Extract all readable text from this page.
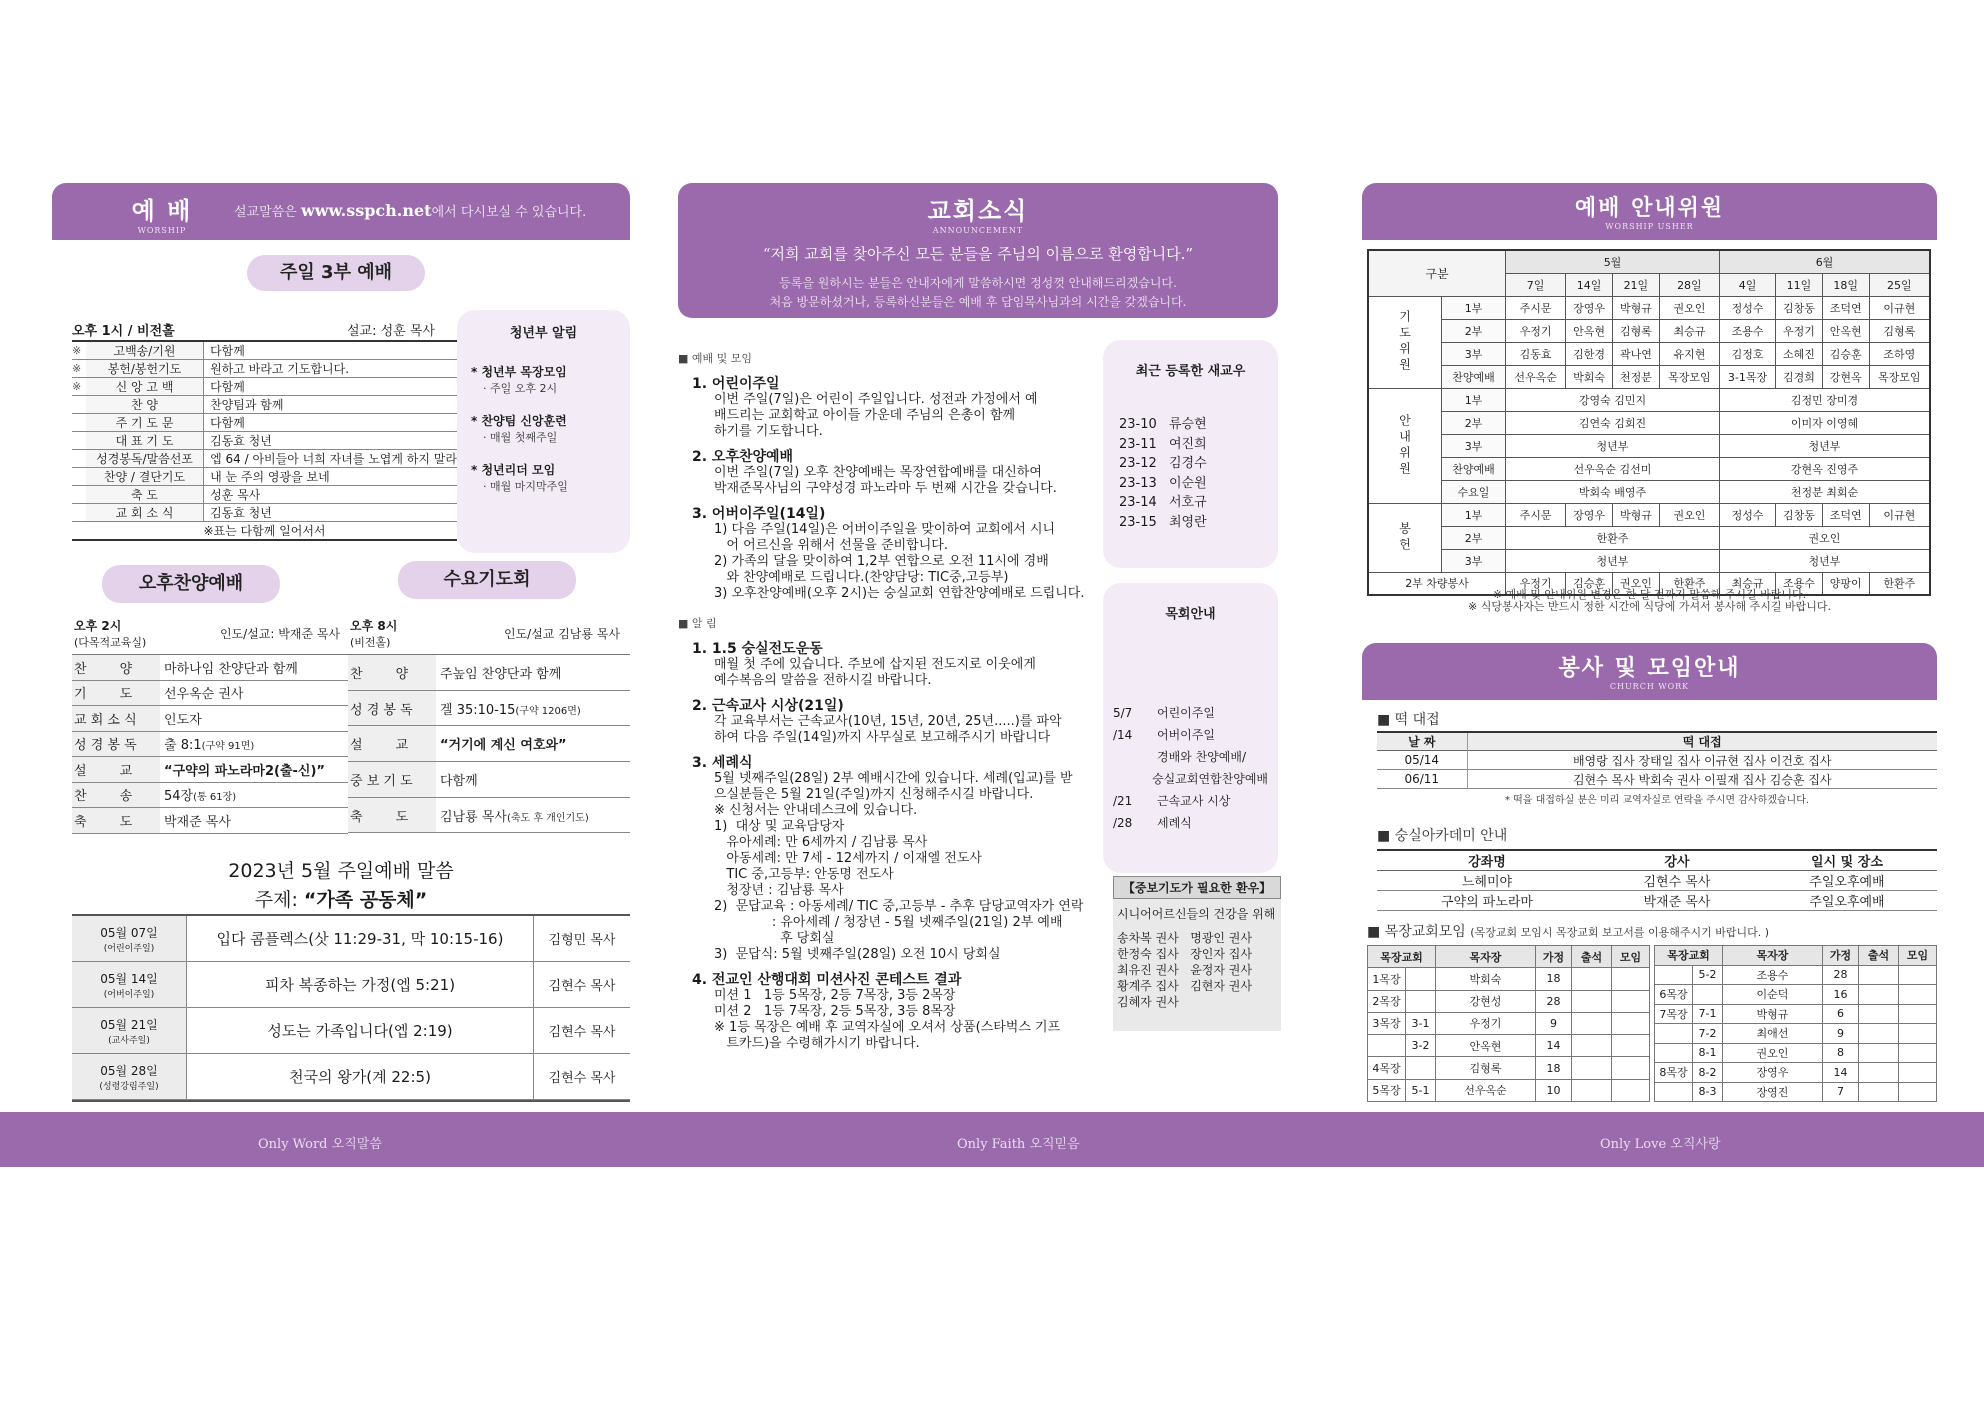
예 배
WORSHIP
설교말씀은 www.sspch.net에서 다시보실 수 있습니다.
주일 3부 예배
오후 1시 / 비전홀	설교: 성훈 목사
※	고백송/기원	다함께
※	봉헌/봉헌기도	원하고 바라고 기도합니다.
※	신 앙 고 백	다함께
	찬 양	찬양팀과 함께
	주 기 도 문	다함께
	대 표 기 도	김동효 청년
	성경봉독/말씀선포	엡 64 / 아비들아 너희 자녀를 노엽게 하지 말라
	찬양 / 결단기도	내 눈 주의 영광을 보네
	축 도	성훈 목사
	교 회 소 식	김동효 청년
※표는 다함께 일어서서
청년부 알림
* 청년부 목장모임
· 주일 오후 2시
* 찬양팀 신앙훈련
· 매월 첫째주일
* 청년리더 모임
· 매월 마지막주일
오후찬양예배	수요기도회
오후 2시
(다목적교육실)
인도/설교: 박재준 목사
찬        양	마하나임 찬양단과 함께
기        도	선우옥순 권사
교 회 소 식	인도자
성 경 봉 독	출 8:1(구약 91면)
설        교	“구약의 파노라마2(출-신)”
찬        송	54장(통 61장)
축        도	박재준 목사
오후 8시
(비전홀)
인도/설교 김남룡 목사
찬        양	주높임 찬양단과 함께
성 경 봉 독	겔 35:10-15(구약 1206면)
설        교	“거기에 계신 여호와”
중 보 기 도	다함께
축        도	김남룡 목사(축도 후 개인기도)
2023년 5월 주일예배 말씀
주제: “가족 공동체”
05월 07일
(어린이주일)
입다 콤플렉스(삿 11:29-31, 막 10:15-16)	김형민 목사
05월 14일
(어버이주일)
피차 복종하는 가정(엡 5:21)	김현수 목사
05월 21일
(교사주일)
성도는 가족입니다(엡 2:19)	김현수 목사
05월 28일
(성령강림주일)
천국의 왕가(계 22:5)	김현수 목사
교회소식
ANNOUNCEMENT
“저희 교회를 찾아주신 모든 분들을 주님의 이름으로 환영합니다.”
등록을 원하시는 분들은 안내자에게 말씀하시면 정성껏 안내해드리겠습니다.
처음 방문하셨거나, 등록하신분들은 예배 후 담임목사님과의 시간을 갖겠습니다.
■ 예배 및 모임
1. 어린이주일
이번 주일(7일)은 어린이 주일입니다. 성전과 가정에서 예
배드리는 교회학교 아이들 가운데 주님의 은총이 함께
하기를 기도합니다.
2. 오후찬양예배
이번 주일(7일) 오후 찬양예배는 목장연합예배를 대신하여
박재준목사님의 구약성경 파노라마 두 번째 시간을 갖습니다.
3. 어버이주일(14일)
1) 다음 주일(14일)은 어버이주일을 맞이하여 교회에서 시니
어 어르신을 위해서 선물을 준비합니다.
2) 가족의 달을 맞이하여 1,2부 연합으로 오전 11시에 경배
와 찬양예배로 드립니다.(찬양담당: TIC중,고등부)
3) 오후찬양예배(오후 2시)는 숭실교회 연합찬양예배로 드립니다.
■ 알 림
1. 1.5 숭실전도운동
매월 첫 주에 있습니다. 주보에 삽지된 전도지로 이웃에게
예수복음의 말씀을 전하시길 바랍니다.
2. 근속교사 시상(21일)
각 교육부서는 근속교사(10년, 15년, 20년, 25년.....)를 파악
하여 다음 주일(14일)까지 사무실로 보고해주시기 바랍니다
3. 세례식
5월 넷째주일(28일) 2부 예배시간에 있습니다. 세례(입교)를 받
으실분들은 5월 21일(주일)까지 신청해주시길 바랍니다.
※ 신청서는 안내데스크에 있습니다.
1)  대상 및 교육담당자
유아세례: 만 6세까지 / 김남룡 목사
아동세례: 만 7세 - 12세까지 / 이재엘 전도사
TIC 중,고등부: 안동명 전도사
청장년 : 김남룡 목사
2)  문답교육 : 아동세례/ TIC 중,고등부 - 추후 담당교역자가 연락
: 유아세례 / 청장년 - 5월 넷째주일(21일) 2부 예배
후 당회실
3)  문답식: 5월 넷째주일(28일) 오전 10시 당회실
4. 전교인 산행대회 미션사진 콘테스트 결과
미션 1   1등 5목장, 2등 7목장, 3등 2목장
미션 2   1등 7목장, 2등 5목장, 3등 8목장
※ 1등 목장은 예배 후 교역자실에 오셔서 상품(스타벅스 기프
트카드)을 수령해가시기 바랍니다.
최근 등록한 새교우
23-10 류승현
23-11 여진희
23-12 김경수
23-13 이순원
23-14 서호규
23-15 최영란
목회안내
5/7	어린이주일
/14	어버이주일
경배와 찬양예배/
숭실교회연합찬양예배
/21	근속교사 시상
/28	세례식
【중보기도가 필요한 환우】
시니어어르신들의 건강을 위해
송차복 권사   명광인 권사
한정숙 집사   장인자 집사
최유진 권사   윤정자 권사
황계주 집사   김현자 권사
김혜자 권사
예배 안내위원
WORSHIP USHER
구분		5월				6월			
		7일	14일	21일	28일	4일	11일	18일	25일
기도위원	1부	주시문	장영우	박형규	권오인	정성수	김창동	조덕연	이규현
	2부	우정기	안옥현	김형록	최승규	조용수	우정기	안옥현	김형록
	3부	김동효	김한경	곽나연	유지현	김정호	소혜진	김승훈	조하영
	찬양예배	선우옥순	박회숙	천정분	목장모임	3-1목장	김경희	강현옥	목장모임
안내위원	1부	강영숙 김민지				김정민 장미경			
	2부	김연숙 김회진				이미자 이영혜			
	3부	청년부				청년부			
	찬양예배	선우옥순 김선미				강현옥 진영주			
	수요일	박회숙 배영주				천정분 최회순			
봉헌	1부	주시문	장영우	박형규	권오인	정성수	김창동	조덕연	이규현
	2부	한환주				권오인			
	3부	청년부				청년부			
2부 차량봉사		우정기	김승훈	권오인	한환주	최승규	조용수	양팡이	한환주
※ 예배 및 안내위원 변경은 한 달 전까지 말씀해 주시길 바랍니다.
※ 식당봉사자는 반드시 정한 시간에 식당에 가셔서 봉사해 주시길 바랍니다.
봉사 및 모임안내
CHURCH WORK
■ 떡 대접
날 짜	떡 대접
05/14	배영랑 집사 장태일 집사 이규현 집사 이건호 집사
06/11	김현수 목사 박회숙 권사 이필재 집사 김승훈 집사
* 떡을 대접하실 분은 미리 교역자실로 연락을 주시면 감사하겠습니다.
■ 숭실아카데미 안내
강좌명	강사	일시 및 장소
느헤미야	김현수 목사	주일오후예배
구약의 파노라마	박재준 목사	주일오후예배
■ 목장교회모임 (목장교회 모임시 목장교회 보고서를 이용해주시기 바랍니다. )
목장교회		목자장	가정	출석	모임
1목장		박회숙	18		
2목장		강현성	28		
3목장	3-1	우정기	9		
	3-2	안옥현	14		
4목장		김형록	18		
5목장	5-1	선우옥순	10		
목장교회		목자장	가정	출석	모임
	5-2	조용수	28		
6목장		이순덕	16		
7목장	7-1	박형규	6		
	7-2	최애선	9		
	8-1	권오인	8		
8목장	8-2	장영우	14		
	8-3	장영진	7		
Only Word 오직말씀	Only Faith 오직믿음	Only Love 오직사랑
